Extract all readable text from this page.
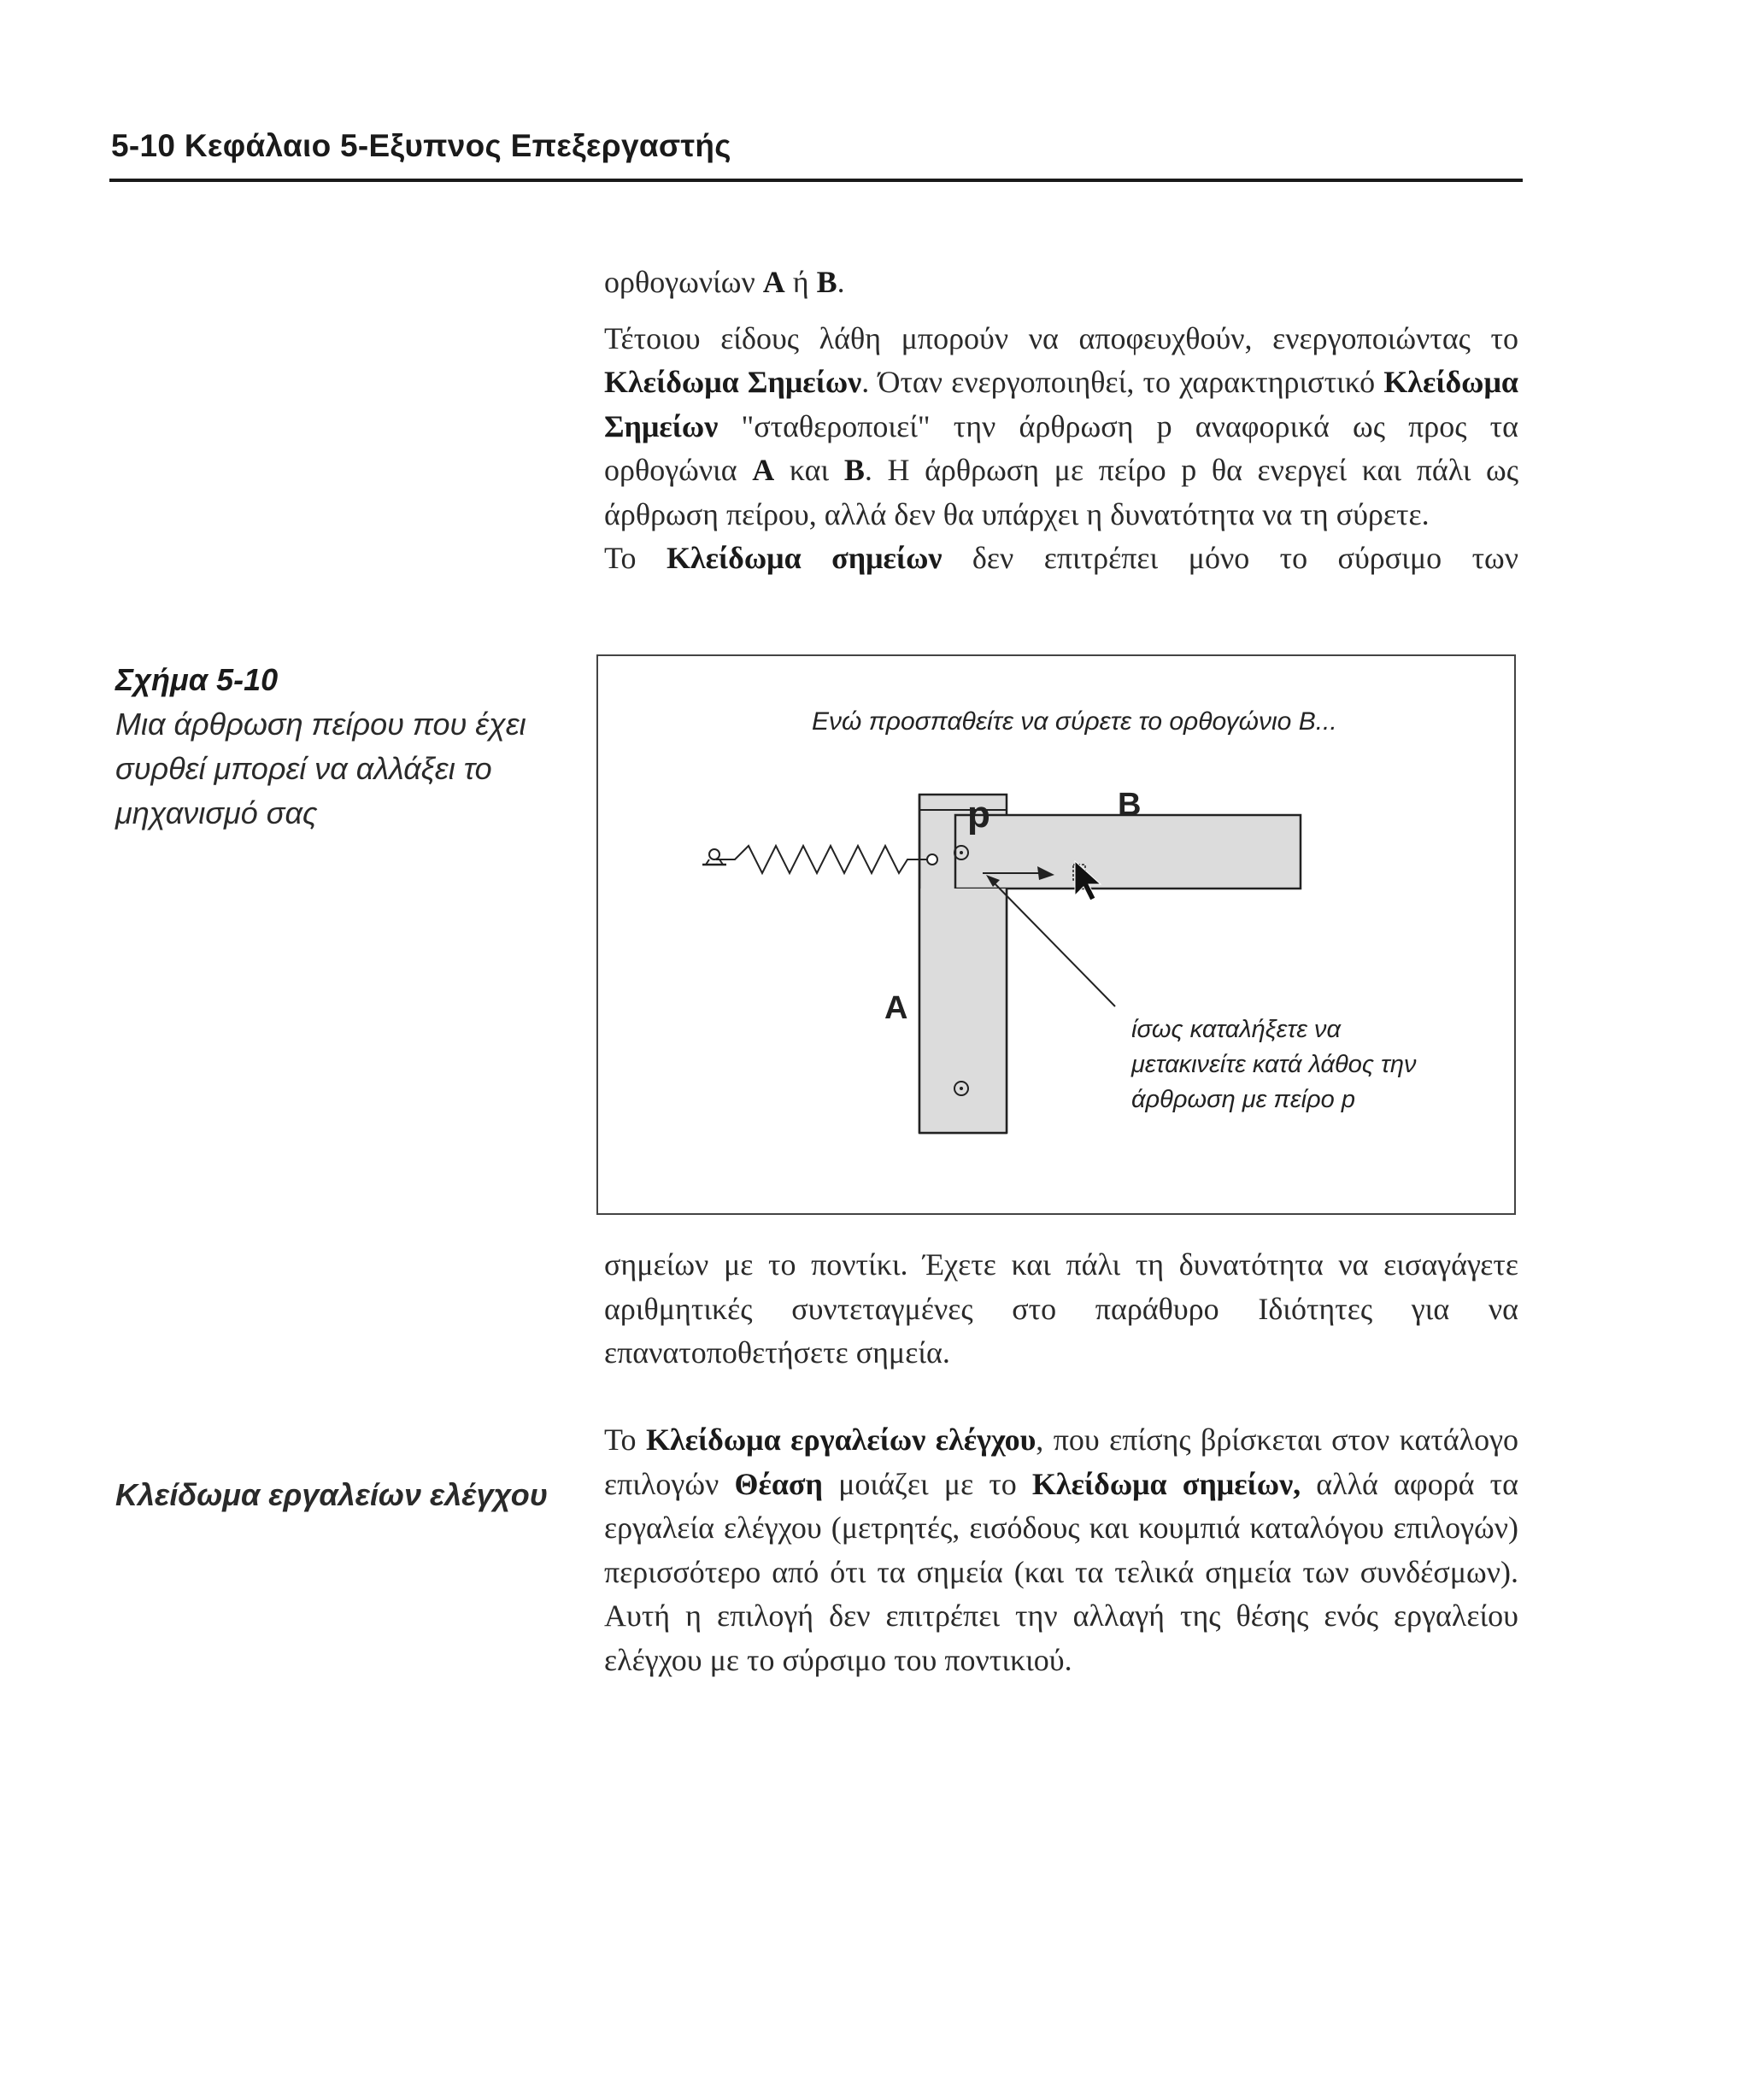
5-10 Κεφάλαιο 5-Εξυπνος Επεξεργαστής

ορθογωνίων A ή B.

Τέτοιου είδους λάθη μπορούν να αποφευχθούν, ενεργοποιώντας το Κλείδωμα Σημείων. Όταν ενεργοποιηθεί, το χαρακτηριστικό Κλείδωμα Σημείων "σταθεροποιεί" την άρθρωση p αναφορικά ως προς τα ορθογώνια A και B. Η άρθρωση με πείρο p θα ενεργεί και πάλι ως άρθρωση πείρου, αλλά δεν θα υπάρχει η δυνατότητα να τη σύρετε.

Το Κλείδωμα σημείων δεν επιτρέπει μόνο το σύρσιμο των

Σχήμα 5-10
Μια άρθρωση πείρου που έχει
συρθεί μπορεί να αλλάξει το
μηχανισμό σας
Ενώ προσπαθείτε να σύρετε το ορθογώνιο B...
p	B
A
ίσως καταλήξετε να
μετακινείτε κατά λάθος την
άρθρωση με πείρο p

σημείων με το ποντίκι. Έχετε και πάλι τη δυνατότητα να εισαγάγετε αριθμητικές συντεταγμένες στο παράθυρο Ιδιότητες για να επανατοποθετήσετε σημεία.

Κλείδωμα εργαλείων ελέγχου

Το Κλείδωμα εργαλείων ελέγχου, που επίσης βρίσκεται στον κατάλογο επιλογών Θέαση μοιάζει με το Κλείδωμα σημείων, αλλά αφορά τα εργαλεία ελέγχου (μετρητές, εισόδους και κουμπιά καταλόγου επιλογών) περισσότερο από ότι τα σημεία (και τα τελικά σημεία των συνδέσμων). Αυτή η επιλογή δεν επιτρέπει την αλλαγή της θέσης ενός εργαλείου ελέγχου με το σύρσιμο του ποντικιού.
